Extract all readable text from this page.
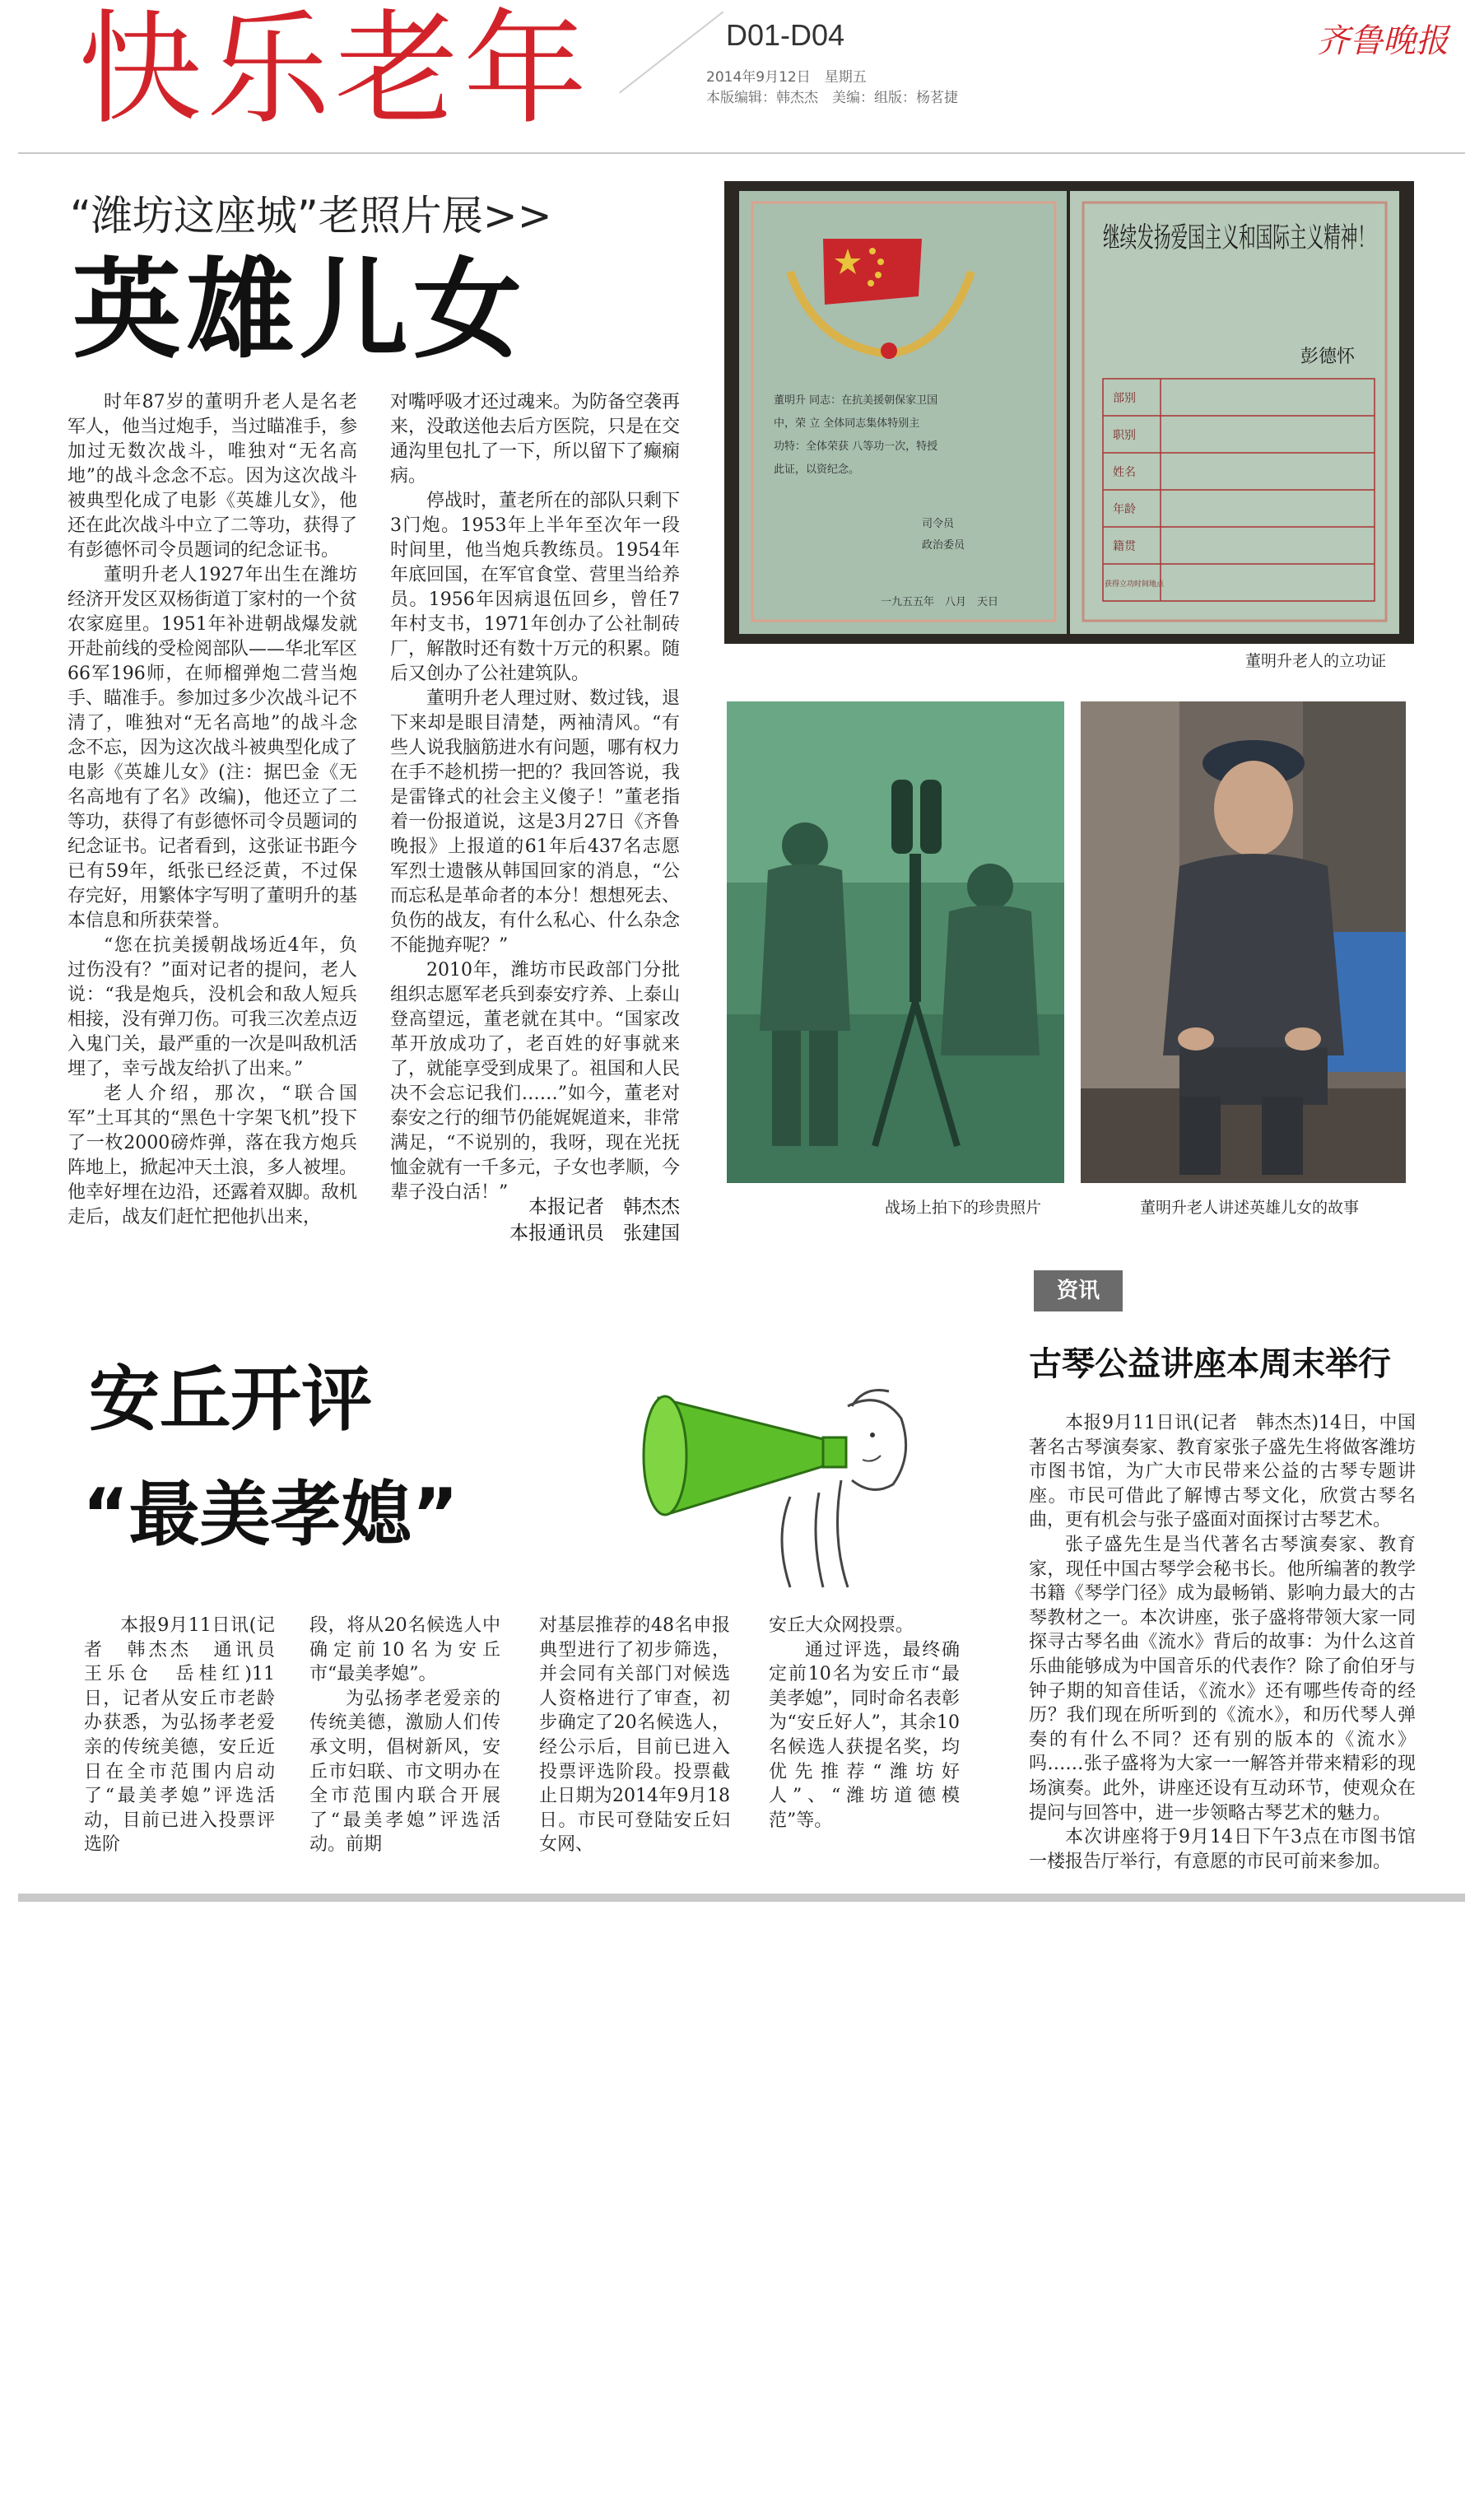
快乐老年	D01-D04
2014年9月12日　星期五
本版编辑：韩杰杰　美编：组版：杨茗捷
齐鲁晚报
“潍坊这座城”老照片展>>
英雄儿女

时年87岁的董明升老人是名老军人，他当过炮手，当过瞄准手，参加过无数次战斗，唯独对“无名高地”的战斗念念不忘。因为这次战斗被典型化成了电影《英雄儿女》，他还在此次战斗中立了二等功，获得了有彭德怀司令员题词的纪念证书。

董明升老人1927年出生在潍坊经济开发区双杨街道丁家村的一个贫农家庭里。1951年补进朝战爆发就开赴前线的受检阅部队——华北军区66军196师，在师榴弹炮二营当炮手、瞄准手。参加过多少次战斗记不清了，唯独对“无名高地”的战斗念念不忘，因为这次战斗被典型化成了电影《英雄儿女》(注：据巴金《无名高地有了名》改编)，他还立了二等功，获得了有彭德怀司令员题词的纪念证书。记者看到，这张证书距今已有59年，纸张已经泛黄，不过保存完好，用繁体字写明了董明升的基本信息和所获荣誉。

“您在抗美援朝战场近4年，负过伤没有？”面对记者的提问，老人说：“我是炮兵，没机会和敌人短兵相接，没有弹刀伤。可我三次差点迈入鬼门关，最严重的一次是叫敌机活埋了，幸亏战友给扒了出来。”

老人介绍，那次，“联合国军”土耳其的“黑色十字架飞机”投下了一枚2000磅炸弹，落在我方炮兵阵地上，掀起冲天土浪，多人被埋。他幸好埋在边沿，还露着双脚。敌机走后，战友们赶忙把他扒出来，

对嘴呼吸才还过魂来。为防备空袭再来，没敢送他去后方医院，只是在交通沟里包扎了一下，所以留下了癫痫病。

停战时，董老所在的部队只剩下3门炮。1953年上半年至次年一段时间里，他当炮兵教练员。1954年年底回国，在军官食堂、营里当给养员。1956年因病退伍回乡，曾任7年村支书，1971年创办了公社制砖厂，解散时还有数十万元的积累。随后又创办了公社建筑队。

董明升老人理过财、数过钱，退下来却是眼目清楚，两袖清风。“有些人说我脑筋进水有问题，哪有权力在手不趁机捞一把的？我回答说，我是雷锋式的社会主义傻子！”董老指着一份报道说，这是3月27日《齐鲁晚报》上报道的61年后437名志愿军烈士遗骸从韩国回家的消息，“公而忘私是革命者的本分！想想死去、负伤的战友，有什么私心、什么杂念不能抛弃呢？”

2010年，潍坊市民政部门分批组织志愿军老兵到泰安疗养、上泰山登高望远，董老就在其中。“国家改革开放成功了，老百姓的好事就来了，就能享受到成果了。祖国和人民决不会忘记我们……”如今，董老对泰安之行的细节仍能娓娓道来，非常满足，“不说别的，我呀，现在光抚恤金就有一千多元，子女也孝顺，今辈子没白活！”

本报记者　韩杰杰
本报通讯员　张建国
董明升 同志：在抗美援朝保家卫国
中，荣 立 全体同志集体特别主
功特：全体荣获 八等功一次，特授
此证，以资纪念。
司令员
政治委员
一九五五年　八月　天日
继续发扬爱国主义和国际主义精神！
彭德怀
部别
职别
姓名
年龄
籍贯
获得立功时间地点
董明升老人的立功证
战场上拍下的珍贵照片	董明升老人讲述英雄儿女的故事
安丘开评
“最美孝媳”

本报9月11日讯(记者　韩杰杰　通讯员　王乐仓　岳桂红)11日，记者从安丘市老龄办获悉，为弘扬孝老爱亲的传统美德，安丘近日在全市范围内启动了“最美孝媳”评选活动，目前已进入投票评选阶

段，将从20名候选人中确定前10名为安丘市“最美孝媳”。

为弘扬孝老爱亲的传统美德，激励人们传承文明，倡树新风，安丘市妇联、市文明办在全市范围内联合开展了“最美孝媳”评选活动。前期

对基层推荐的48名申报典型进行了初步筛选，并会同有关部门对候选人资格进行了审查，初步确定了20名候选人，经公示后，目前已进入投票评选阶段。投票截止日期为2014年9月18日。市民可登陆安丘妇女网、

安丘大众网投票。

通过评选，最终确定前10名为安丘市“最美孝媳”，同时命名表彰为“安丘好人”，其余10名候选人获提名奖，均优先推荐“潍坊好人”、“潍坊道德模范”等。

资讯
古琴公益讲座本周末举行

本报9月11日讯(记者　韩杰杰)14日，中国著名古琴演奏家、教育家张子盛先生将做客潍坊市图书馆，为广大市民带来公益的古琴专题讲座。市民可借此了解博古琴文化，欣赏古琴名曲，更有机会与张子盛面对面探讨古琴艺术。

张子盛先生是当代著名古琴演奏家、教育家，现任中国古琴学会秘书长。他所编著的教学书籍《琴学门径》成为最畅销、影响力最大的古琴教材之一。本次讲座，张子盛将带领大家一同探寻古琴名曲《流水》背后的故事：为什么这首乐曲能够成为中国音乐的代表作？除了俞伯牙与钟子期的知音佳话，《流水》还有哪些传奇的经历？我们现在所听到的《流水》，和历代琴人弹奏的有什么不同？还有别的版本的《流水》吗……张子盛将为大家一一解答并带来精彩的现场演奏。此外，讲座还设有互动环节，使观众在提问与回答中，进一步领略古琴艺术的魅力。

本次讲座将于9月14日下午3点在市图书馆一楼报告厅举行，有意愿的市民可前来参加。
